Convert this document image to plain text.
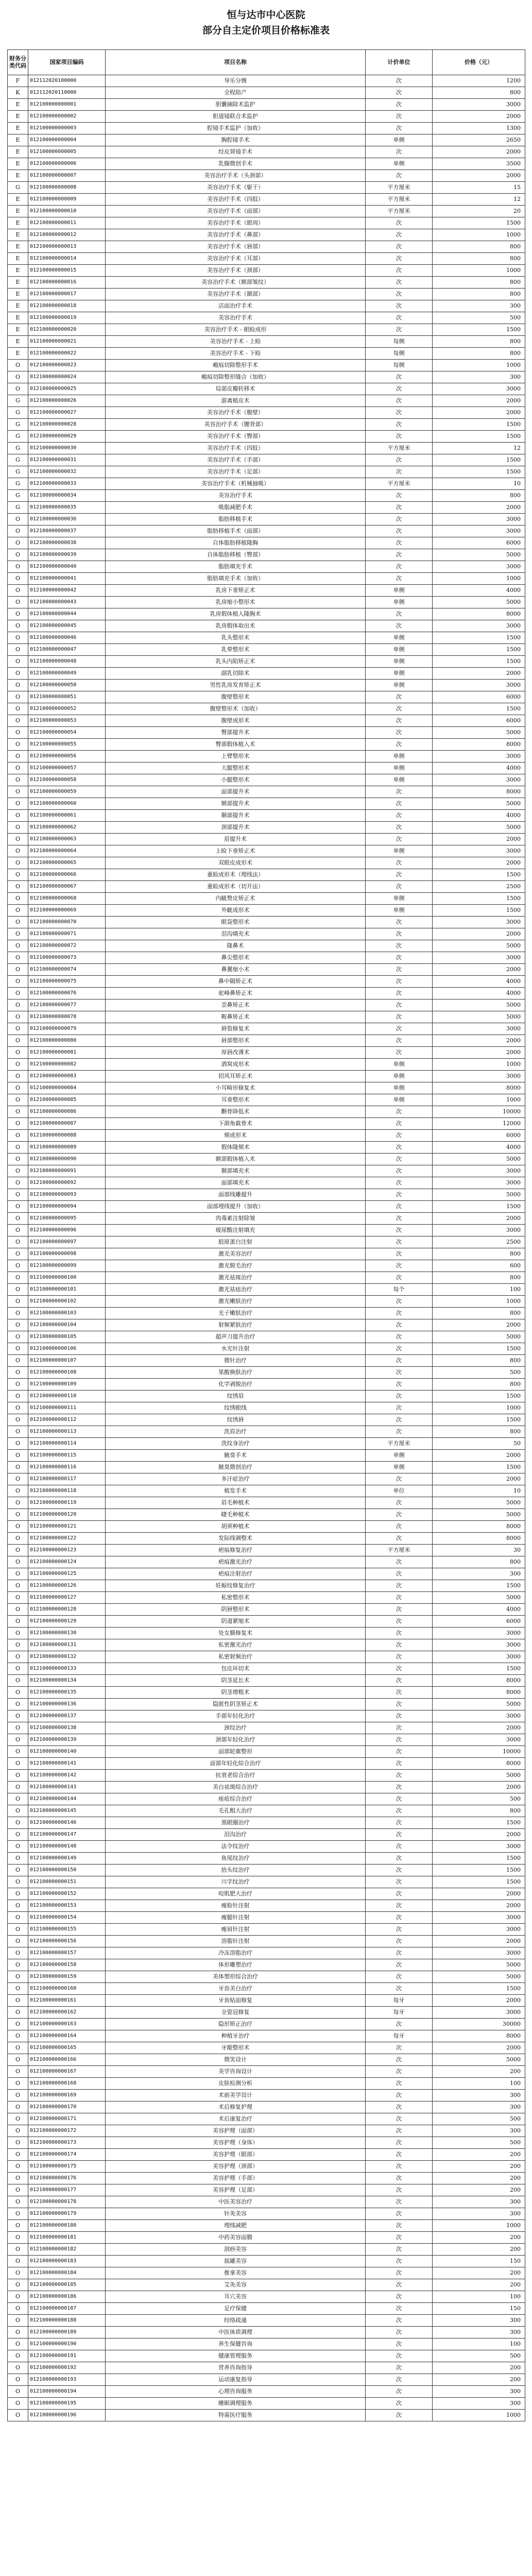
恒与达市中心医院

部分自主定价项目价格标准表

财务分类代码	国家项目编码	项目名称	计价单位	价格（元）
F	012112020100000	导乐分娩	次	1200
K	012112020110000	全程陪产	次	800
E	012100000000001	胆囊摘除术监护	次	3000
E	012100000000002	胆道镜联合术监护	次	2000
E	012100000000003	腔镜手术监护（加收）	次	1300
E	012100000000004	胸腔镜手术	单侧	2650
E	012100000000005	经皮肾镜手术	次	2000
E	012100000000006	乳腺微创手术	单侧	3500
E	012100000000007	美容治疗手术（头颈部）	次	2000
G	012100000000008	美容治疗手术（躯干）	平方厘米	15
E	012100000000009	美容治疗手术（四肢）	平方厘米	12
E	012100000000010	美容治疗手术（面部）	平方厘米	20
E	012100000000011	美容治疗手术（眼周）	次	1500
E	012100000000012	美容治疗手术（鼻部）	次	1000
E	012100000000013	美容治疗手术（唇部）	次	800
E	012100000000014	美容治疗手术（耳部）	次	800
E	012100000000015	美容治疗手术（颈部）	次	1000
E	012100000000016	美容治疗手术（额部皱纹）	次	800
E	012100000000017	美容治疗手术（颞部）	次	800
E	012100000000018	洁面治疗手术	次	300
E	012100000000019	美容治疗手术	次	500
E	012100000000020	美容治疗手术 - 眼睑成形	次	1500
E	012100000000021	美容治疗手术 - 上睑	每侧	800
E	012100000000022	美容治疗手术 - 下睑	每侧	800
O	012100000000023	瘢痕切除整形手术	每侧	1000
O	012100000000024	瘢痕切除整形缝合（加收）	次	300
O	012100000000025	局部皮瓣转移术	次	3000
G	012100000000026	游离植皮术	次	2000
G	012100000000027	美容治疗手术（腹壁）	次	2000
G	012100000000028	美容治疗手术（腰背部）	次	1500
G	012100000000029	美容治疗手术（臀部）	次	1500
G	012100000000030	美容治疗手术（四肢）	平方厘米	12
G	012100000000031	美容治疗手术（手部）	次	1500
G	012100000000032	美容治疗手术（足部）	次	1500
G	012100000000033	美容治疗手术（机械抽吸）	平方厘米	10
G	012100000000034	美容治疗手术	次	800
G	012100000000035	吸脂减肥手术	次	2000
O	012100000000036	脂肪移植手术	次	3000
O	012100000000037	脂肪移植手术（面部）	次	3000
O	012100000000038	自体脂肪移植隆胸	次	6000
O	012100000000039	自体脂肪移植（臀部）	次	5000
O	012100000000040	脂肪填充手术	次	3000
O	012100000000041	脂肪填充手术（加收）	次	1000
O	012100000000042	乳房下垂矫正术	单侧	4000
O	012100000000043	乳房缩小整形术	单侧	5000
O	012100000000044	乳房假体植入隆胸术	次	8000
O	012100000000045	乳房假体取出术	次	3000
O	012100000000046	乳头整形术	单侧	1500
O	012100000000047	乳晕整形术	单侧	1500
O	012100000000048	乳头内陷矫正术	单侧	1500
O	012100000000049	副乳切除术	单侧	2000
O	012100000000050	男性乳房发育矫正术	单侧	3000
O	012100000000051	腹壁整形术	次	6000
O	012100000000052	腹壁整形术（加收）	次	1500
O	012100000000053	腹壁成形术	次	6000
O	012100000000054	臀部提升术	次	5000
O	012100000000055	臀部假体植入术	次	8000
O	012100000000056	上臂整形术	单侧	3000
O	012100000000057	大腿整形术	单侧	4000
O	012100000000058	小腿整形术	单侧	3000
O	012100000000059	面部提升术	次	8000
O	012100000000060	额部提升术	次	5000
O	012100000000061	颞部提升术	次	4000
O	012100000000062	颈部提升术	次	5000
O	012100000000063	眉提升术	次	2000
O	012100000000064	上睑下垂矫正术	单侧	3000
O	012100000000065	双眼皮成形术	次	2000
O	012100000000066	重睑成形术（埋线法）	次	1500
O	012100000000067	重睑成形术（切开法）	次	2500
O	012100000000068	内眦赘皮矫正术	单侧	1500
O	012100000000069	外眦成形术	单侧	1500
O	012100000000070	眼袋整形术	次	3000
O	012100000000071	泪沟填充术	次	2000
O	012100000000072	隆鼻术	次	5000
O	012100000000073	鼻尖整形术	次	3000
O	012100000000074	鼻翼缩小术	次	2000
O	012100000000075	鼻中隔矫正术	次	4000
O	012100000000076	驼峰鼻矫正术	次	4000
O	012100000000077	歪鼻矫正术	次	5000
O	012100000000078	鞍鼻矫正术	次	5000
O	012100000000079	唇裂修复术	次	3000
O	012100000000080	唇部整形术	次	2000
O	012100000000081	厚唇改薄术	次	2000
O	012100000000082	酒窝成形术	单侧	1000
O	012100000000083	招风耳矫正术	单侧	3000
O	012100000000084	小耳畸形修复术	单侧	8000
O	012100000000085	耳垂整形术	单侧	1000
O	012100000000086	颧骨降低术	次	10000
O	012100000000087	下颌角截骨术	次	12000
O	012100000000088	颏成形术	次	6000
O	012100000000089	假体隆颏术	次	4000
O	012100000000090	额部假体植入术	次	5000
O	012100000000091	颞部填充术	次	3000
O	012100000000092	面部填充术	次	3000
O	012100000000093	面部线雕提升	次	5000
O	012100000000094	面部埋线提升（加收）	次	1500
O	012100000000095	肉毒素注射除皱	次	2000
O	012100000000096	玻尿酸注射填充	次	3000
O	012100000000097	胶原蛋白注射	次	2500
O	012100000000098	激光美容治疗	次	800
O	012100000000099	激光脱毛治疗	次	600
O	012100000000100	激光祛斑治疗	次	800
O	012100000000101	激光祛痣治疗	每个	100
O	012100000000102	激光嫩肤治疗	次	1000
O	012100000000103	光子嫩肤治疗	次	800
O	012100000000104	射频紧肤治疗	次	2000
O	012100000000105	超声刀提升治疗	次	5000
O	012100000000106	水光针注射	次	1500
O	012100000000107	微针治疗	次	800
O	012100000000108	果酸换肤治疗	次	500
O	012100000000109	化学剥脱治疗	次	800
O	012100000000110	纹绣眉	次	1500
O	012100000000111	纹绣眼线	次	1000
O	012100000000112	纹绣唇	次	1500
O	012100000000113	洗眉治疗	次	800
O	012100000000114	洗纹身治疗	平方厘米	50
O	012100000000115	腋臭手术	单侧	2000
O	012100000000116	腋臭微创治疗	单侧	1500
O	012100000000117	多汗症治疗	次	2000
O	012100000000118	植发手术	单位	10
O	012100000000119	眉毛种植术	次	5000
O	012100000000120	睫毛种植术	次	5000
O	012100000000121	胡须种植术	次	8000
O	012100000000122	发际线调整术	次	8000
O	012100000000123	疤痕修复治疗	平方厘米	30
O	012100000000124	疤痕激光治疗	次	800
O	012100000000125	疤痕注射治疗	次	300
O	012100000000126	妊娠纹修复治疗	次	1500
O	012100000000127	私密整形术	次	5000
O	012100000000128	阴唇整形术	次	4000
O	012100000000129	阴道紧缩术	次	6000
O	012100000000130	处女膜修复术	次	3000
O	012100000000131	私密激光治疗	次	3000
O	012100000000132	私密射频治疗	次	3000
O	012100000000133	包皮环切术	次	1500
O	012100000000134	阴茎延长术	次	8000
O	012100000000135	阴茎增粗术	次	8000
O	012100000000136	隐匿性阴茎矫正术	次	5000
O	012100000000137	手部年轻化治疗	次	3000
O	012100000000138	颈纹治疗	次	2000
O	012100000000139	颈部年轻化治疗	次	3000
O	012100000000140	面部轮廓整形	次	10000
O	012100000000141	面部年轻化综合治疗	次	8000
O	012100000000142	抗衰老综合治疗	次	5000
O	012100000000143	美白祛斑综合治疗	次	2000
O	012100000000144	痤疮综合治疗	次	500
O	012100000000145	毛孔粗大治疗	次	800
O	012100000000146	黑眼圈治疗	次	1500
O	012100000000147	泪沟治疗	次	2000
O	012100000000148	法令纹治疗	次	3000
O	012100000000149	鱼尾纹治疗	次	1500
O	012100000000150	抬头纹治疗	次	1500
O	012100000000151	川字纹治疗	次	1500
O	012100000000152	咬肌肥大治疗	次	2000
O	012100000000153	瘦脸针注射	次	2000
O	012100000000154	瘦腿针注射	次	3000
O	012100000000155	瘦肩针注射	次	3000
O	012100000000156	溶脂针注射	次	2000
O	012100000000157	冷冻溶脂治疗	次	3000
O	012100000000158	体形雕塑治疗	次	5000
O	012100000000159	美体塑形综合治疗	次	5000
O	012100000000160	牙齿美白治疗	次	1500
O	012100000000161	牙齿贴面修复	每牙	2000
O	012100000000162	全瓷冠修复	每牙	3000
O	012100000000163	隐形矫正治疗	次	30000
O	012100000000164	种植牙治疗	每牙	8000
O	012100000000165	牙龈整形术	次	2000
O	012100000000166	微笑设计	次	5000
O	012100000000167	美学咨询设计	次	200
O	012100000000168	皮肤检测分析	次	100
O	012100000000169	术前美学设计	次	300
O	012100000000170	术后修复护理	次	300
O	012100000000171	术后康复治疗	次	500
O	012100000000172	美容护理（面部）	次	300
O	012100000000173	美容护理（身体）	次	500
O	012100000000174	美容护理（眼部）	次	200
O	012100000000175	美容护理（颈部）	次	200
O	012100000000176	美容护理（手部）	次	200
O	012100000000177	美容护理（足部）	次	200
O	012100000000178	中医美容治疗	次	300
O	012100000000179	针灸美容	次	300
O	012100000000180	埋线减肥	次	1000
O	012100000000181	中药美容面膜	次	200
O	012100000000182	刮痧美容	次	200
O	012100000000183	拔罐美容	次	150
O	012100000000184	推拿美容	次	200
O	012100000000185	艾灸美容	次	200
O	012100000000186	耳穴美容	次	100
O	012100000000187	足疗保健	次	150
O	012100000000188	经络疏通	次	300
O	012100000000189	中医体质调理	次	300
O	012100000000190	养生保健咨询	次	100
O	012100000000191	健康管理服务	次	500
O	012100000000192	营养咨询指导	次	200
O	012100000000193	运动康复指导	次	200
O	012100000000194	心理咨询服务	次	300
O	012100000000195	睡眠调理服务	次	300
O	012100000000196	特需医疗服务	次	1000
